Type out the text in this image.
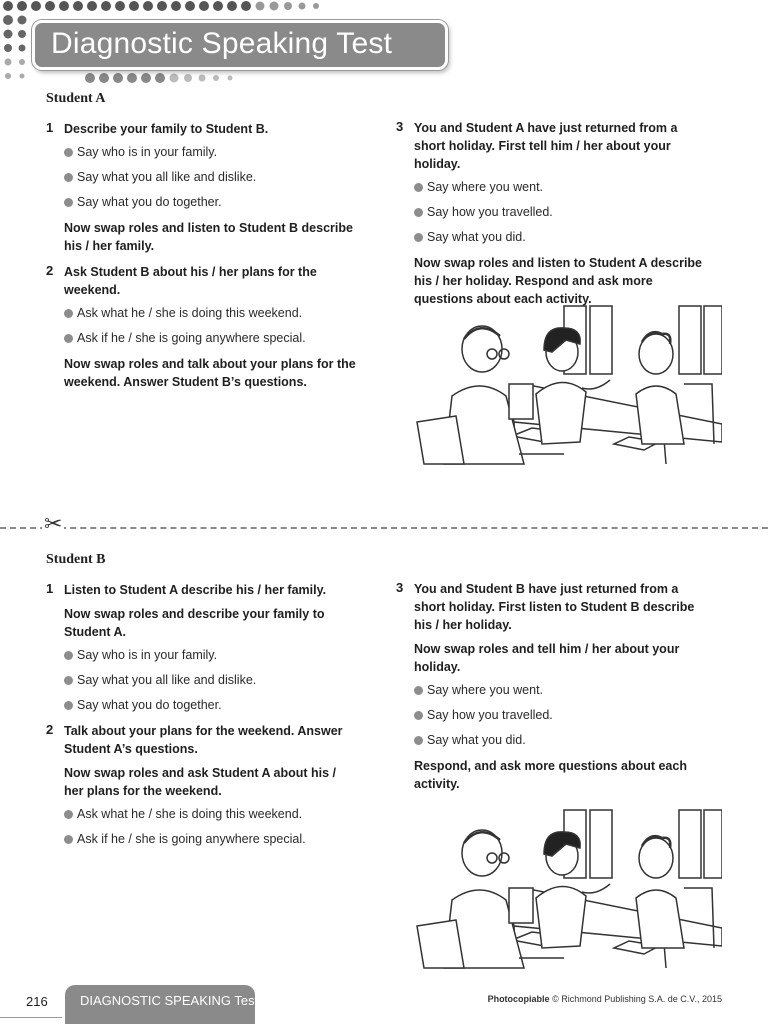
Diagnostic Speaking Test
Student A
1 Describe your family to Student B.

Say who is in your family.
Say what you all like and dislike.
Say what you do together.

Now swap roles and listen to Student B describe his / her family.

2 Ask Student B about his / her plans for the weekend.

Ask what he / she is doing this weekend.
Ask if he / she is going anywhere special.

Now swap roles and talk about your plans for the weekend. Answer Student B’s questions.

3 You and Student A have just returned from a short holiday. First tell him / her about your holiday.

Say where you went.
Say how you travelled.
Say what you did.

Now swap roles and listen to Student A describe his / her holiday. Respond and ask more questions about each activity.

✂
Student B
1 Listen to Student A describe his / her family.

Now swap roles and describe your family to Student A.

Say who is in your family.
Say what you all like and dislike.
Say what you do together.
2 Talk about your plans for the weekend. Answer Student A’s questions.

Now swap roles and ask Student A about his / her plans for the weekend.

Ask what he / she is doing this weekend.
Ask if he / she is going anywhere special.
3 You and Student B have just returned from a short holiday. First listen to Student B describe his / her holiday.

Now swap roles and tell him / her about your holiday.

Say where you went.
Say how you travelled.
Say what you did.

Respond, and ask more questions about each activity.

216	DIAGNOSTIC SPEAKING Test	Photocopiable © Richmond Publishing S.A. de C.V., 2015
